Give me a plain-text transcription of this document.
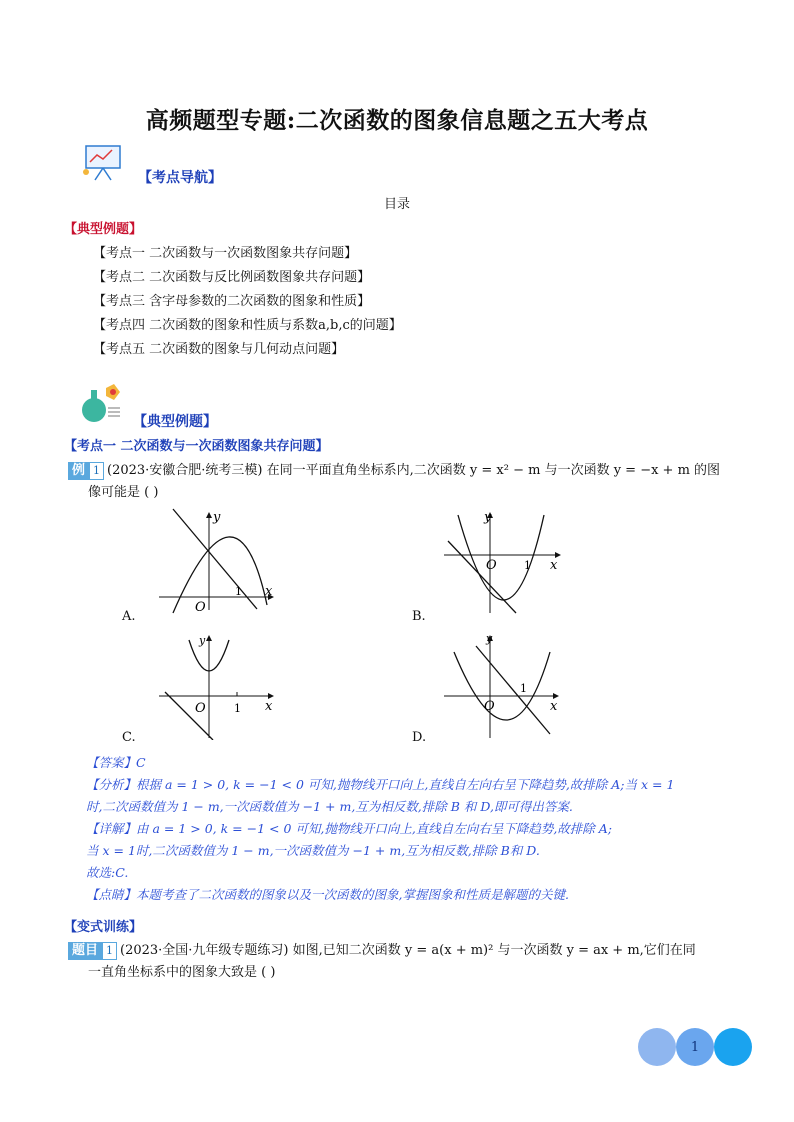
高频题型专题:二次函数的图象信息题之五大考点
【考点导航】
目录
【典型例题】
【考点一 二次函数与一次函数图象共存问题】
【考点二 二次函数与反比例函数图象共存问题】
【考点三 含字母参数的二次函数的图象和性质】
【考点四 二次函数的图象和性质与系数a,b,c的问题】
【考点五 二次函数的图象与几何动点问题】
【典型例题】
【考点一 二次函数与一次函数图象共存问题】
例 1 (2023·安徽合肥·统考三模) 在同一平面直角坐标系内,二次函数 y = x² − m 与一次函数 y = −x + m 的图
像可能是 ( )
y
x
O
1
A.
y
x
O 1
B.
y
x
O	1
C.
y
x
O
1
D.
【答案】C
【分析】根据 a = 1 > 0, k = −1 < 0 可知,抛物线开口向上,直线自左向右呈下降趋势,故排除 A;当 x = 1
时,二次函数值为 1 − m,一次函数值为 −1 + m,互为相反数,排除 B 和 D,即可得出答案.
【详解】由 a = 1 > 0, k = −1 < 0 可知,抛物线开口向上,直线自左向右呈下降趋势,故排除 A;
当 x = 1时,二次函数值为 1 − m,一次函数值为 −1 + m,互为相反数,排除 B和 D.
故选:C.
【点睛】本题考查了二次函数的图象以及一次函数的图象,掌握图象和性质是解题的关键.
【变式训练】
题目 1 (2023·全国·九年级专题练习) 如图,已知二次函数 y = a(x + m)² 与一次函数 y = ax + m,它们在同
一直角坐标系中的图象大致是 ( )
1
